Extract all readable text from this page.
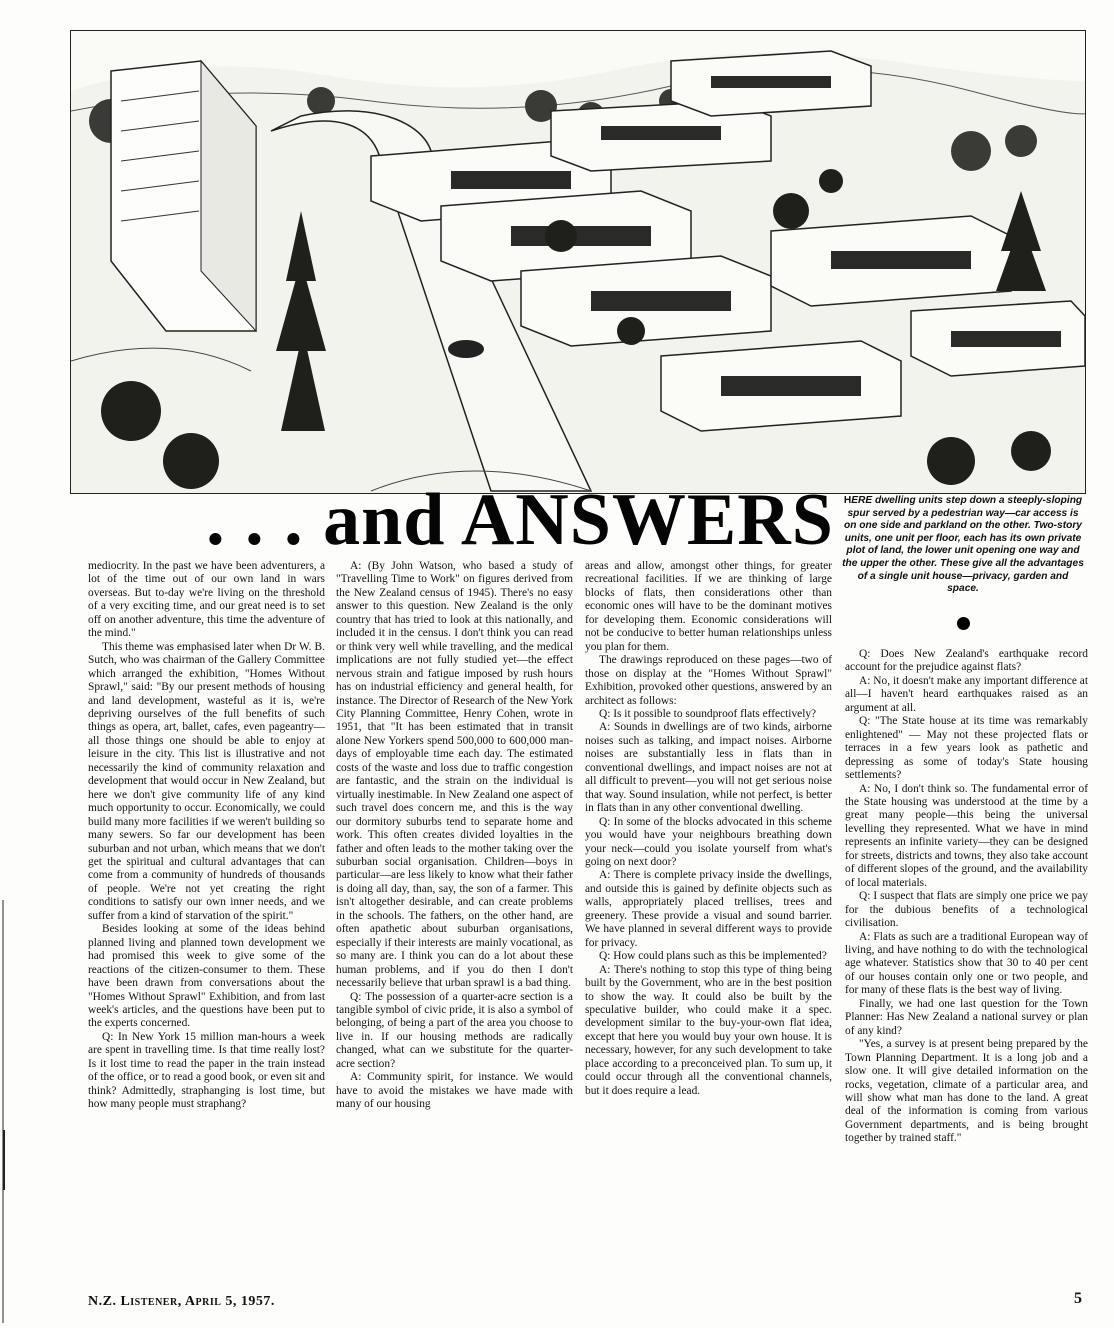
. . . and ANSWERS HERE dwelling units step down a steeply-sloping spur served by a pedestrian way—car access is on one side and parkland on the other. Two-story units, one unit per floor, each has its own private plot of land, the lower unit opening one way and the upper the other. These give all the advantages of a single unit house—privacy, garden and space.

mediocrity. In the past we have been adventurers, a lot of the time out of our own land in wars overseas. But to-day we're living on the threshold of a very exciting time, and our great need is to set off on another adventure, this time the adventure of the mind."

This theme was emphasised later when Dr W. B. Sutch, who was chairman of the Gallery Committee which arranged the exhibition, "Homes Without Sprawl," said: "By our present methods of housing and land development, wasteful as it is, we're depriving ourselves of the full benefits of such things as opera, art, ballet, cafes, even pageantry—all those things one should be able to enjoy at leisure in the city. This list is illustrative and not necessarily the kind of community relaxation and development that would occur in New Zealand, but here we don't give community life of any kind much opportunity to occur. Economically, we could build many more facilities if we weren't building so many sewers. So far our development has been suburban and not urban, which means that we don't get the spiritual and cultural advantages that can come from a community of hundreds of thousands of people. We're not yet creating the right conditions to satisfy our own inner needs, and we suffer from a kind of starvation of the spirit."

Besides looking at some of the ideas behind planned living and planned town development we had promised this week to give some of the reactions of the citizen-consumer to them. These have been drawn from conversations about the "Homes Without Sprawl" Exhibition, and from last week's articles, and the questions have been put to the experts concerned.

Q: In New York 15 million man-hours a week are spent in travelling time. Is that time really lost? Is it lost time to read the paper in the train instead of the office, or to read a good book, or even sit and think? Admittedly, straphanging is lost time, but how many people must straphang?

A: (By John Watson, who based a study of "Travelling Time to Work" on figures derived from the New Zealand census of 1945). There's no easy answer to this question. New Zealand is the only country that has tried to look at this nationally, and included it in the census. I don't think you can read or think very well while travelling, and the medical implications are not fully studied yet—the effect nervous strain and fatigue imposed by rush hours has on industrial efficiency and general health, for instance. The Director of Research of the New York City Planning Committee, Henry Cohen, wrote in 1951, that "It has been estimated that in transit alone New Yorkers spend 500,000 to 600,000 man-days of employable time each day. The estimated costs of the waste and loss due to traffic congestion are fantastic, and the strain on the individual is virtually inestimable. In New Zealand one aspect of such travel does concern me, and this is the way our dormitory suburbs tend to separate home and work. This often creates divided loyalties in the father and often leads to the mother taking over the suburban social organisation. Children—boys in particular—are less likely to know what their father is doing all day, than, say, the son of a farmer. This isn't altogether desirable, and can create problems in the schools. The fathers, on the other hand, are often apathetic about suburban organisations, especially if their interests are mainly vocational, as so many are. I think you can do a lot about these human problems, and if you do then I don't necessarily believe that urban sprawl is a bad thing.

Q: The possession of a quarter-acre section is a tangible symbol of civic pride, it is also a symbol of belonging, of being a part of the area you choose to live in. If our housing methods are radically changed, what can we substitute for the quarter-acre section?

A: Community spirit, for instance. We would have to avoid the mistakes we have made with many of our housing

areas and allow, amongst other things, for greater recreational facilities. If we are thinking of large blocks of flats, then considerations other than economic ones will have to be the dominant motives for developing them. Economic considerations will not be conducive to better human relationships unless you plan for them.

The drawings reproduced on these pages—two of those on display at the "Homes Without Sprawl" Exhibition, provoked other questions, answered by an architect as follows:

Q: Is it possible to soundproof flats effectively?

A: Sounds in dwellings are of two kinds, airborne noises such as talking, and impact noises. Airborne noises are substantially less in flats than in conventional dwellings, and impact noises are not at all difficult to prevent—you will not get serious noise that way. Sound insulation, while not perfect, is better in flats than in any other conventional dwelling.

Q: In some of the blocks advocated in this scheme you would have your neighbours breathing down your neck—could you isolate yourself from what's going on next door?

A: There is complete privacy inside the dwellings, and outside this is gained by definite objects such as walls, appropriately placed trellises, trees and greenery. These provide a visual and sound barrier. We have planned in several different ways to provide for privacy.

Q: How could plans such as this be implemented?

A: There's nothing to stop this type of thing being built by the Government, who are in the best position to show the way. It could also be built by the speculative builder, who could make it a spec. development similar to the buy-your-own flat idea, except that here you would buy your own house. It is necessary, however, for any such development to take place according to a preconceived plan. To sum up, it could occur through all the conventional channels, but it does require a lead.

Q: Does New Zealand's earthquake record account for the prejudice against flats?

A: No, it doesn't make any important difference at all—I haven't heard earthquakes raised as an argument at all.

Q: "The State house at its time was remarkably enlightened" — May not these projected flats or terraces in a few years look as pathetic and depressing as some of today's State housing settlements?

A: No, I don't think so. The fundamental error of the State housing was understood at the time by a great many people—this being the universal levelling they represented. What we have in mind represents an infinite variety—they can be designed for streets, districts and towns, they also take account of different slopes of the ground, and the availability of local materials.

Q: I suspect that flats are simply one price we pay for the dubious benefits of a technological civilisation.

A: Flats as such are a traditional European way of living, and have nothing to do with the technological age whatever. Statistics show that 30 to 40 per cent of our houses contain only one or two people, and for many of these flats is the best way of living.

Finally, we had one last question for the Town Planner: Has New Zealand a national survey or plan of any kind?

"Yes, a survey is at present being prepared by the Town Planning Department. It is a long job and a slow one. It will give detailed information on the rocks, vegetation, climate of a particular area, and will show what man has done to the land. A great deal of the information is coming from various Government departments, and is being brought together by trained staff."

N.Z. Listener, April 5, 1957.	5
